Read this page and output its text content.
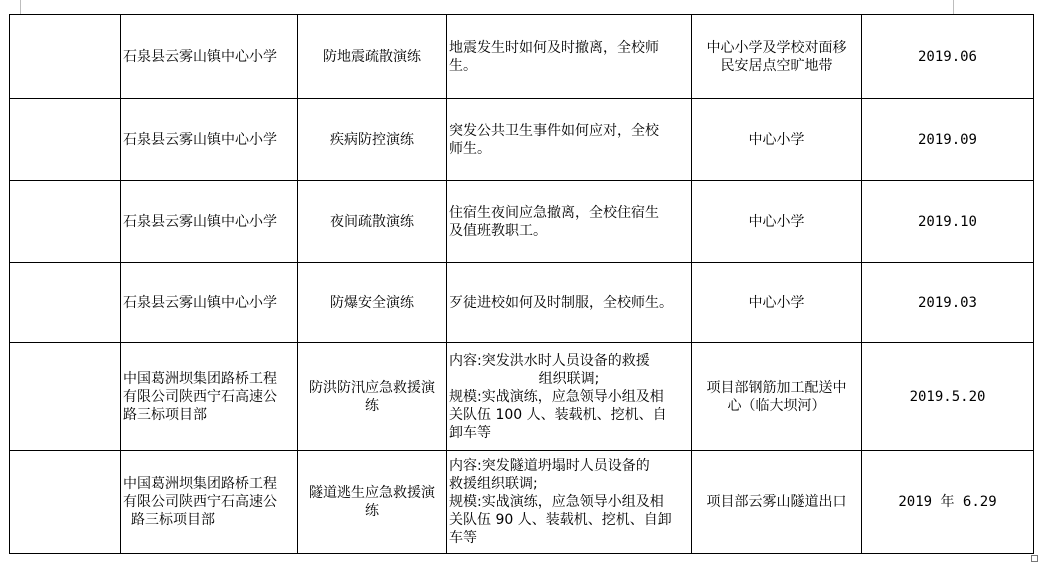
	石泉县云雾山镇中心小学	防地震疏散演练	地震发生时如何及时撤离，全校师
生。	中心小学及学校对面移
民安居点空旷地带	2019.06

	石泉县云雾山镇中心小学	疾病防控演练	突发公共卫生事件如何应对，全校
师生。	中心小学	2019.09

	石泉县云雾山镇中心小学	夜间疏散演练	住宿生夜间应急撤离，全校住宿生
及值班教职工。	中心小学	2019.10

	石泉县云雾山镇中心小学	防爆安全演练	歹徒进校如何及时制服，全校师生。	中心小学	2019.03

	中国葛洲坝集团路桥工程
有限公司陕西宁石高速公
路三标项目部	防洪防汛应急救援演
练	内容:突发洪水时人员设备的救援
组织联调;
规模:实战演练，应急领导小组及相
关队伍 100 人、装载机、挖机、自
卸车等	项目部钢筋加工配送中
心（临大坝河）	2019.5.20

	中国葛洲坝集团路桥工程
有限公司陕西宁石高速公
路三标项目部	隧道逃生应急救援演
练	内容:突发隧道坍塌时人员设备的
救援组织联调;
规模:实战演练，应急领导小组及相
关队伍 90 人、装载机、挖机、自卸
车等	项目部云雾山隧道出口	2019 年 6.29
